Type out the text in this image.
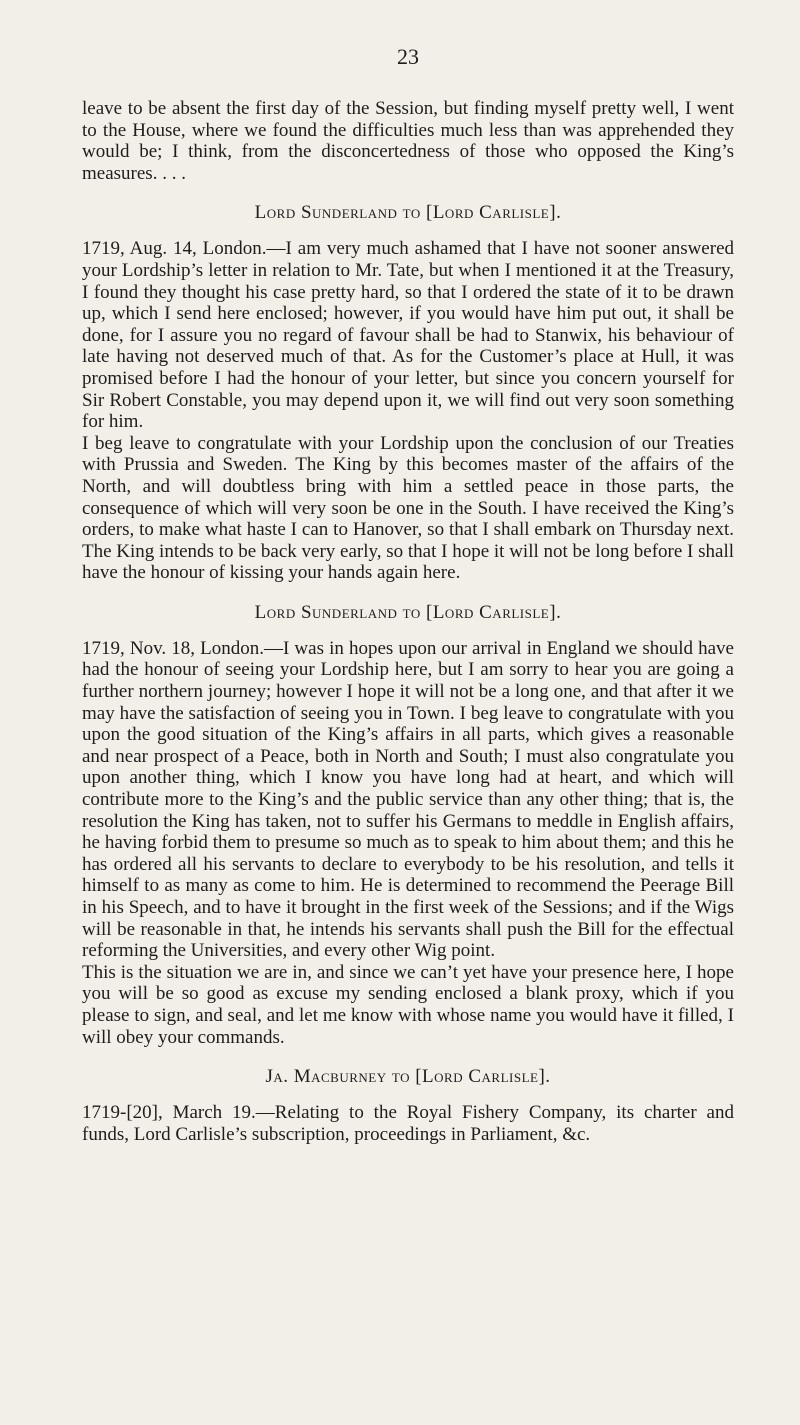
23

leave to be absent the first day of the Session, but finding myself pretty well, I went to the House, where we found the difficulties much less than was apprehended they would be; I think, from the disconcertedness of those who opposed the King’s measures. . . .

Lord Sunderland to [Lord Carlisle].

1719, Aug. 14, London.—I am very much ashamed that I have not sooner answered your Lordship’s letter in relation to Mr. Tate, but when I mentioned it at the Treasury, I found they thought his case pretty hard, so that I ordered the state of it to be drawn up, which I send here enclosed; however, if you would have him put out, it shall be done, for I assure you no regard of favour shall be had to Stanwix, his behaviour of late having not deserved much of that. As for the Customer’s place at Hull, it was promised before I had the honour of your letter, but since you concern yourself for Sir Robert Constable, you may depend upon it, we will find out very soon something for him.

I beg leave to congratulate with your Lordship upon the conclusion of our Treaties with Prussia and Sweden. The King by this becomes master of the affairs of the North, and will doubtless bring with him a settled peace in those parts, the consequence of which will very soon be one in the South. I have received the King’s orders, to make what haste I can to Hanover, so that I shall embark on Thursday next. The King intends to be back very early, so that I hope it will not be long before I shall have the honour of kissing your hands again here.

Lord Sunderland to [Lord Carlisle].

1719, Nov. 18, London.—I was in hopes upon our arrival in England we should have had the honour of seeing your Lordship here, but I am sorry to hear you are going a further northern journey; however I hope it will not be a long one, and that after it we may have the satisfaction of seeing you in Town. I beg leave to congratulate with you upon the good situation of the King’s affairs in all parts, which gives a reasonable and near prospect of a Peace, both in North and South; I must also congratulate you upon another thing, which I know you have long had at heart, and which will contribute more to the King’s and the public service than any other thing; that is, the resolution the King has taken, not to suffer his Germans to meddle in English affairs, he having forbid them to presume so much as to speak to him about them; and this he has ordered all his servants to declare to everybody to be his resolution, and tells it himself to as many as come to him. He is determined to recommend the Peerage Bill in his Speech, and to have it brought in the first week of the Sessions; and if the Wigs will be reasonable in that, he intends his servants shall push the Bill for the effectual reforming the Universities, and every other Wig point.

This is the situation we are in, and since we can’t yet have your presence here, I hope you will be so good as excuse my sending enclosed a blank proxy, which if you please to sign, and seal, and let me know with whose name you would have it filled, I will obey your commands.

Ja. Macburney to [Lord Carlisle].

1719-[20], March 19.—Relating to the Royal Fishery Company, its charter and funds, Lord Carlisle’s subscription, proceedings in Parliament, &c.
